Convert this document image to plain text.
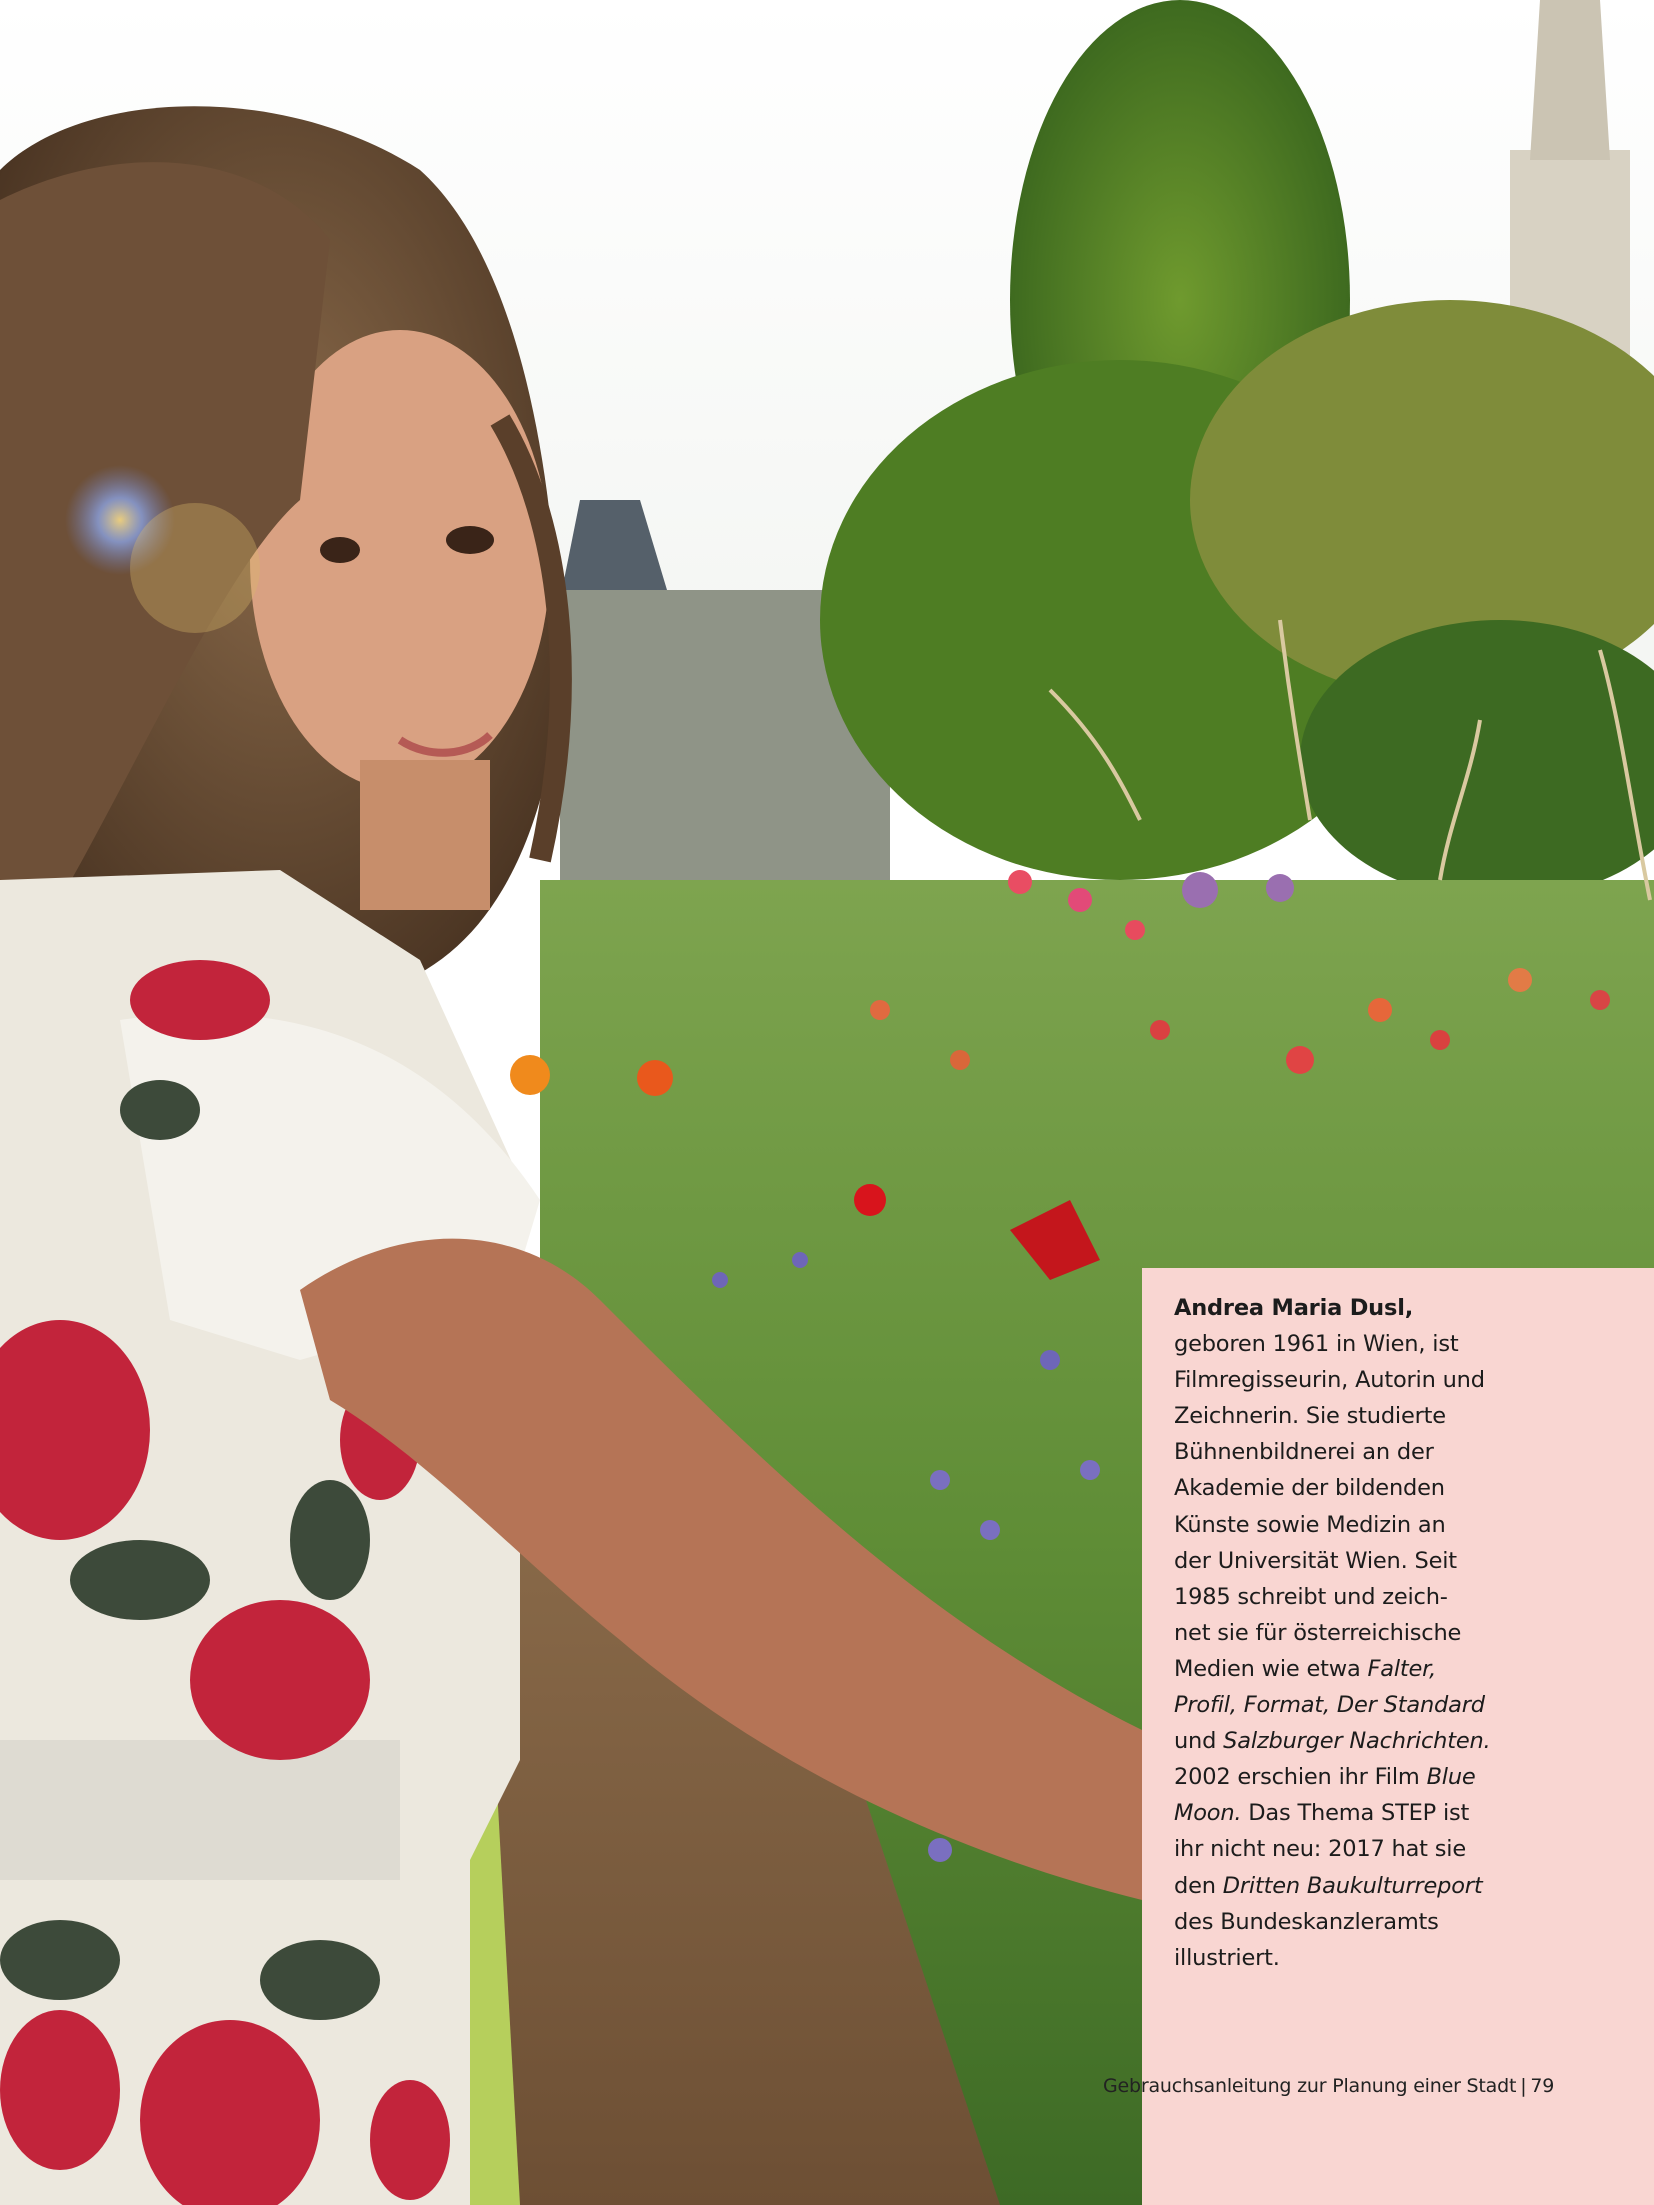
Andrea Maria Dusl,
geboren 1961 in Wien, ist
Filmregisseurin, Autorin und
Zeichnerin. Sie studierte
Bühnenbildnerei an der
Akademie der bildenden
Künste sowie Medizin an
der Universität Wien. Seit
1985 schreibt und zeich-
net sie für österreichische
Medien wie etwa Falter,
Profil, Format, Der Standard
und Salzburger Nachrichten.
2002 erschien ihr Film Blue
Moon. Das Thema STEP ist
ihr nicht neu: 2017 hat sie
den Dritten Baukulturreport
des Bundeskanzleramts
illustriert.
Gebrauchsanleitung zur Planung einer Stadt | 79
